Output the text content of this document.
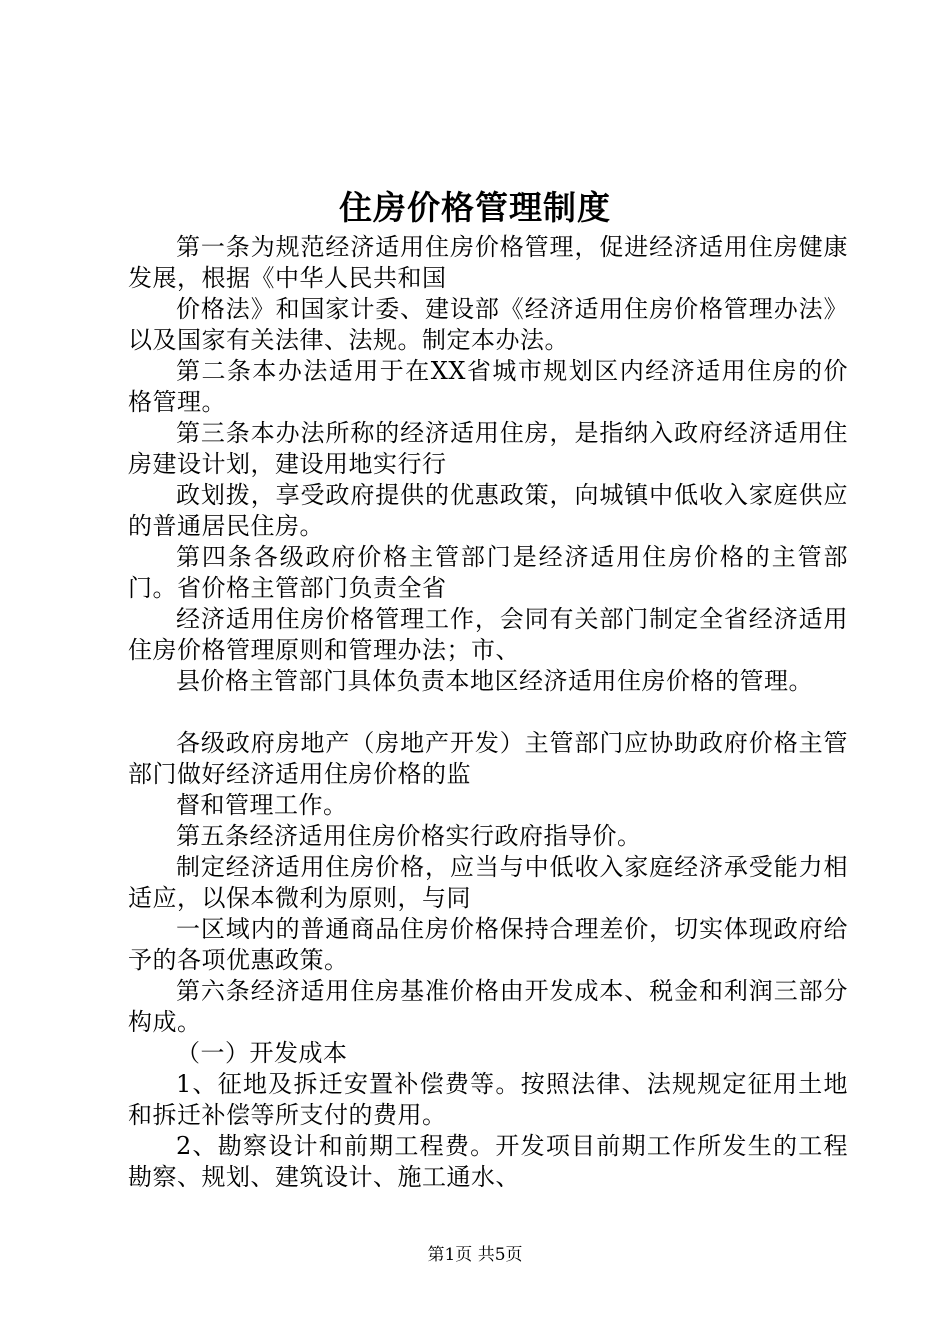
住房价格管理制度

第一条为规范经济适用住房价格管理，促进经济适用住房健康发展，根据《中华人民共和国

价格法》和国家计委、建设部《经济适用住房价格管理办法》以及国家有关法律、法规。制定本办法。

第二条本办法适用于在XX省城市规划区内经济适用住房的价格管理。

第三条本办法所称的经济适用住房，是指纳入政府经济适用住房建设计划，建设用地实行行

政划拨，享受政府提供的优惠政策，向城镇中低收入家庭供应的普通居民住房。

第四条各级政府价格主管部门是经济适用住房价格的主管部门。省价格主管部门负责全省

经济适用住房价格管理工作，会同有关部门制定全省经济适用住房价格管理原则和管理办法；市、

县价格主管部门具体负责本地区经济适用住房价格的管理。

各级政府房地产（房地产开发）主管部门应协助政府价格主管部门做好经济适用住房价格的监

督和管理工作。

第五条经济适用住房价格实行政府指导价。

制定经济适用住房价格，应当与中低收入家庭经济承受能力相适应，以保本微利为原则，与同

一区域内的普通商品住房价格保持合理差价，切实体现政府给予的各项优惠政策。

第六条经济适用住房基准价格由开发成本、税金和利润三部分构成。

（一）开发成本

1、征地及拆迁安置补偿费等。按照法律、法规规定征用土地和拆迁补偿等所支付的费用。

2、勘察设计和前期工程费。开发项目前期工作所发生的工程勘察、规划、建筑设计、施工通水、

第1页 共5页
